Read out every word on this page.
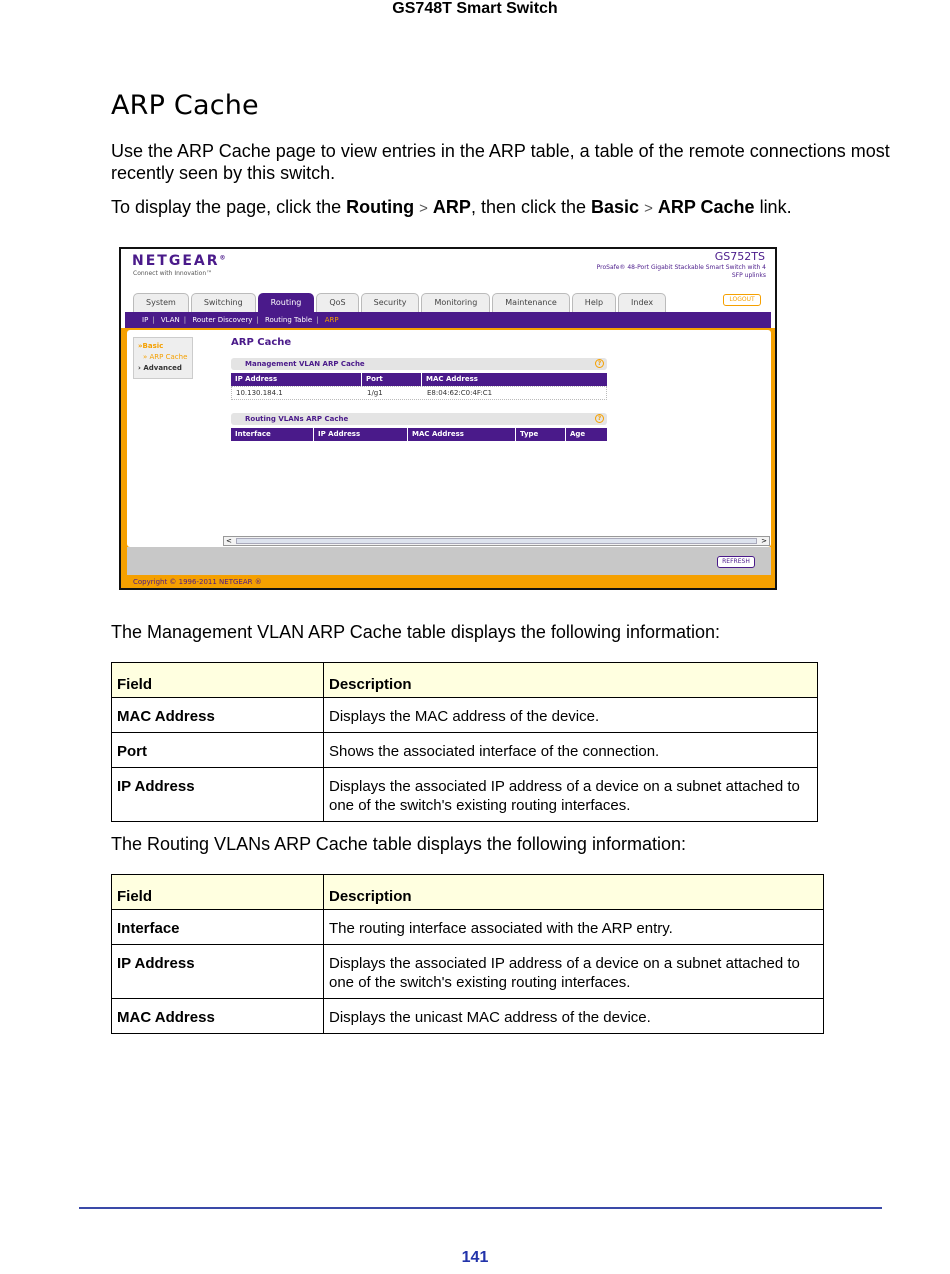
GS748T Smart Switch
ARP Cache

Use the ARP Cache page to view entries in the ARP table, a table of the remote connections most recently seen by this switch.

To display the page, click the Routing > ARP, then click the Basic > ARP Cache link.

NETGEAR®
Connect with Innovation™
GS752TS
ProSafe® 48-Port Gigabit Stackable Smart Switch with 4 SFP uplinks
System	Switching	Routing	QoS	Security	Monitoring	Maintenance	Help	Index	LOGOUT
IP | VLAN | Router Discovery | Routing Table | ARP
»Basic
» ARP Cache
› Advanced
ARP Cache
Management VLAN ARP Cache	?
IP Address	Port	MAC Address
10.130.184.1	1/g1	E8:04:62:C0:4F:C1
Routing VLANs ARP Cache	?
Interface	IP Address	MAC Address	Type	Age
<	>
REFRESH
Copyright © 1996-2011 NETGEAR ®

The Management VLAN ARP Cache table displays the following information:

Field	Description
MAC Address	Displays the MAC address of the device.
Port	Shows the associated interface of the connection.
IP Address	Displays the associated IP address of a device on a subnet attached to one of the switch's existing routing interfaces.

The Routing VLANs ARP Cache table displays the following information:

Field	Description
Interface	The routing interface associated with the ARP entry.
IP Address	Displays the associated IP address of a device on a subnet attached to one of the switch's existing routing interfaces.
MAC Address	Displays the unicast MAC address of the device.
141
